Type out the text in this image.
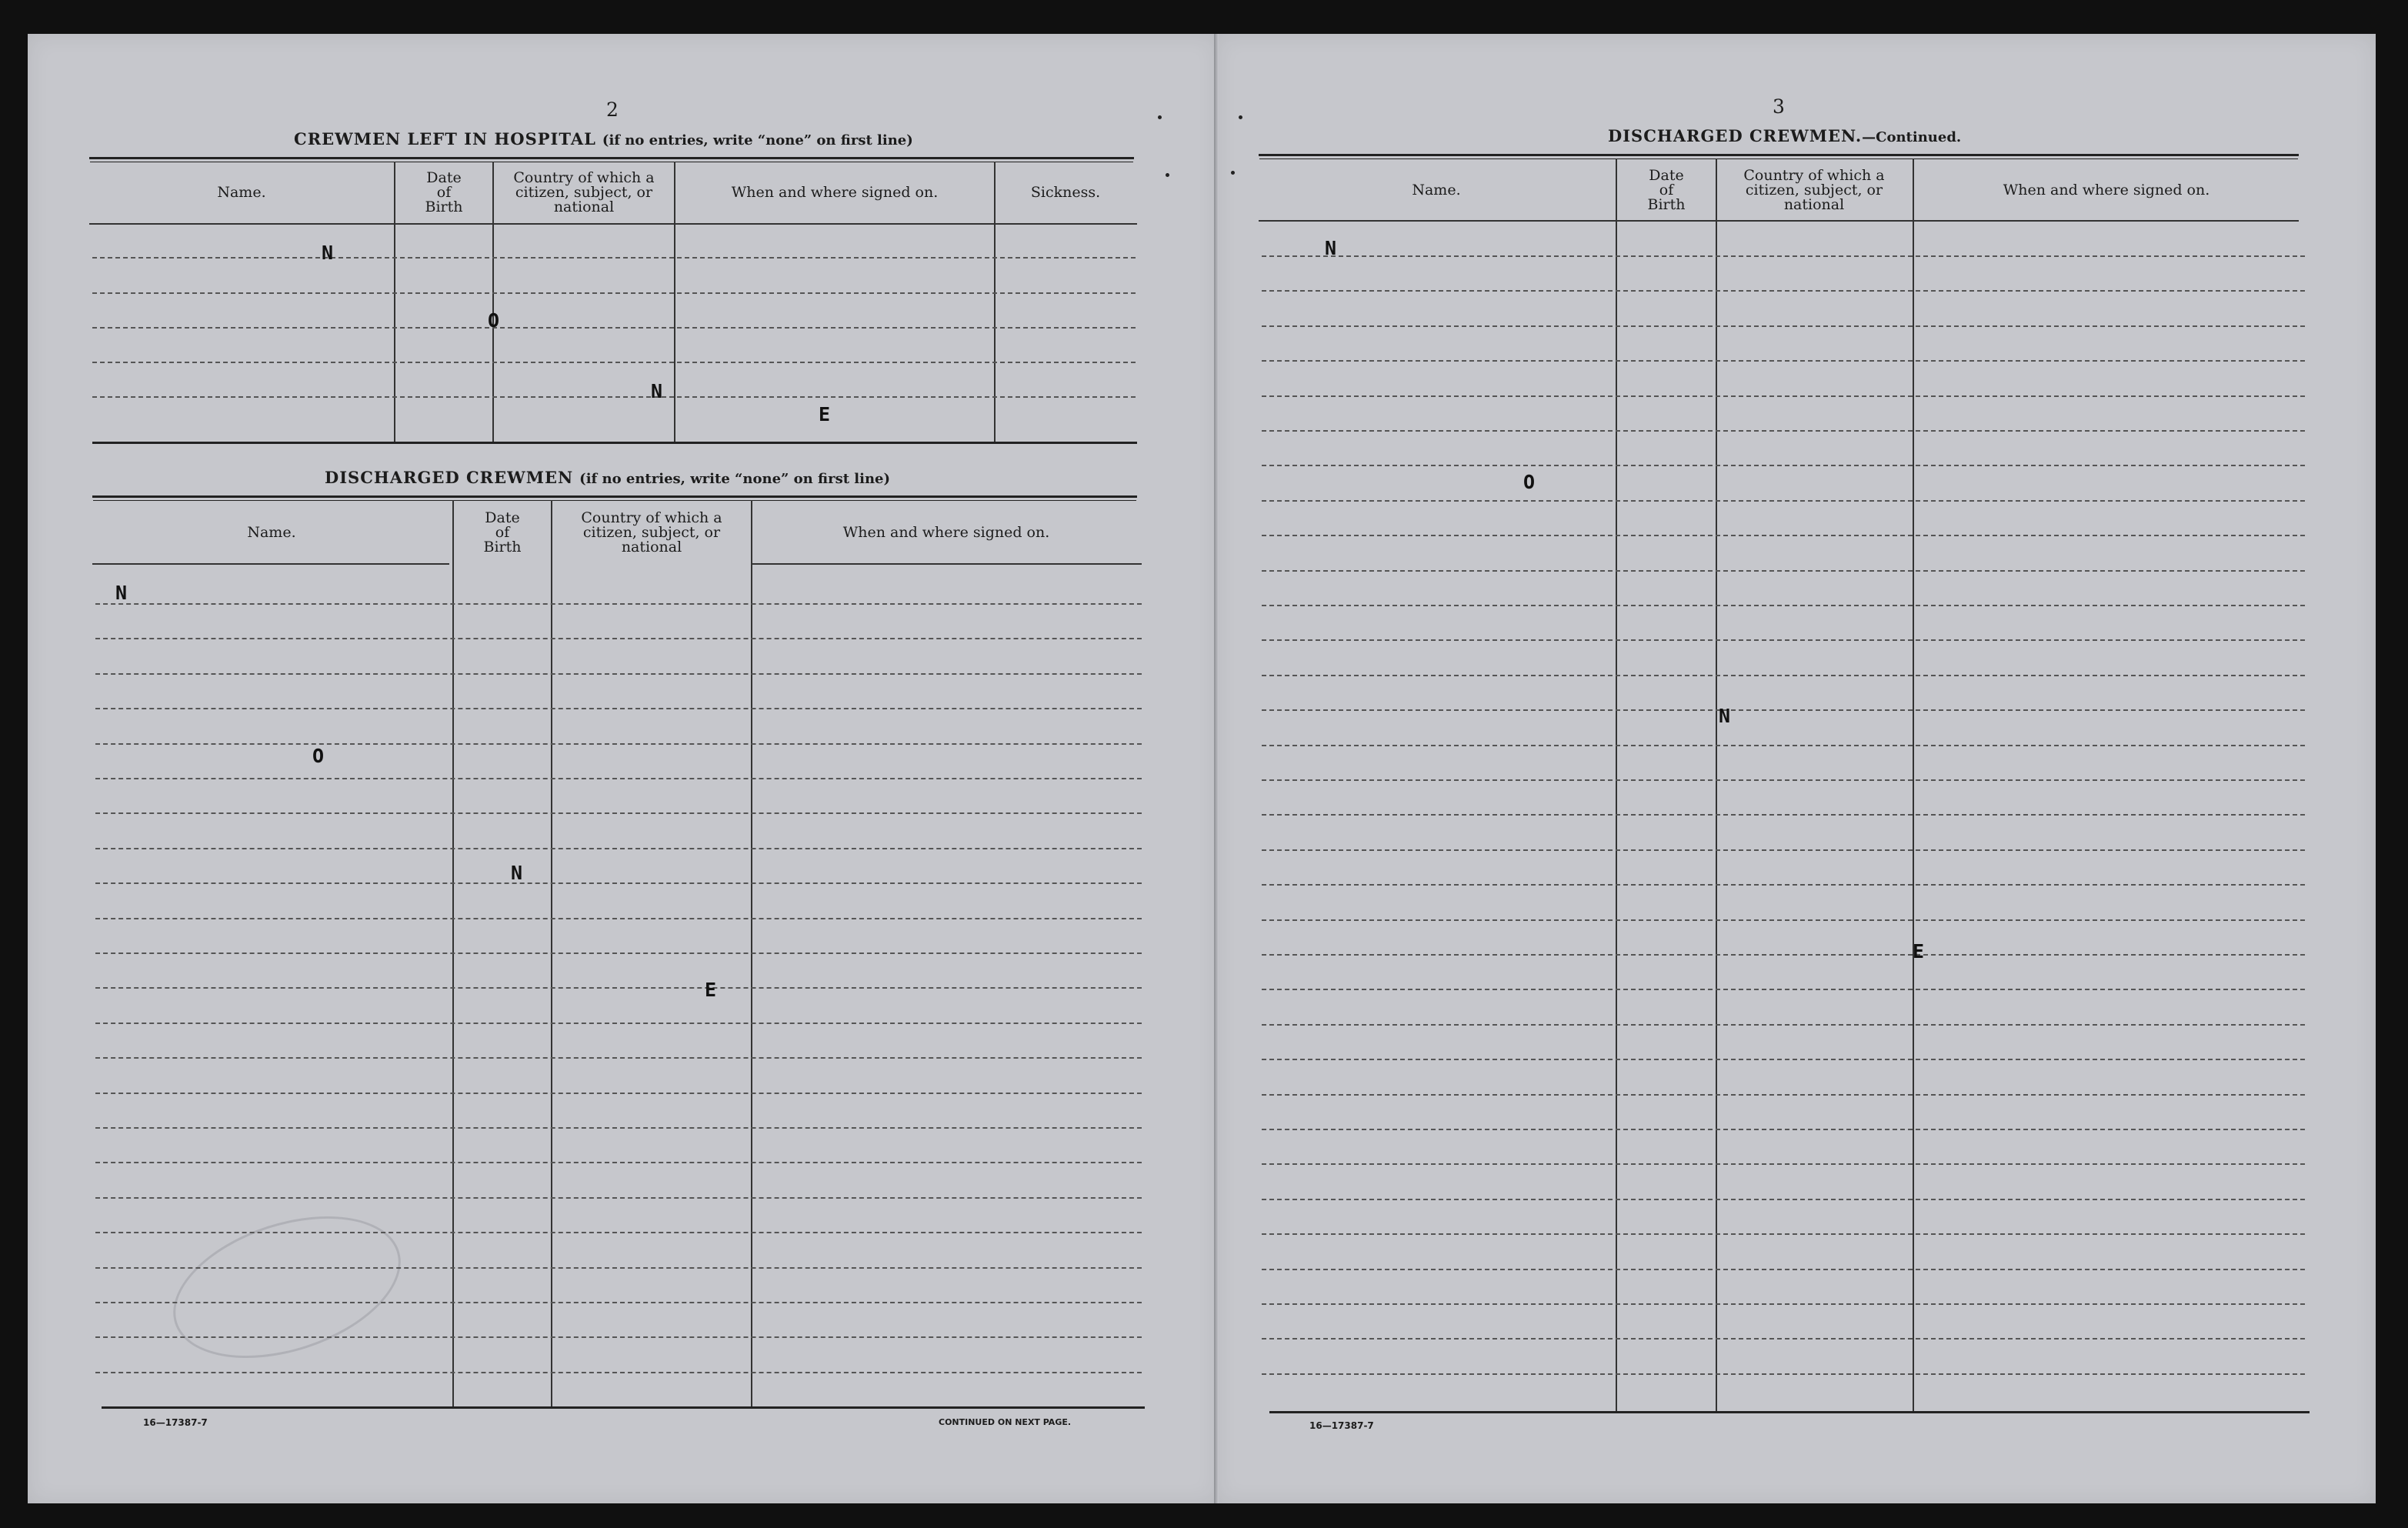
2
CREWMEN LEFT IN HOSPITAL (if no entries, write “none” on first line)
Name.
Date
of
Birth
Country of which a
citizen, subject, or
national
When and where signed on.	Sickness.
N
O
N
E
DISCHARGED CREWMEN (if no entries, write “none” on first line)
Name.
Date
of
Birth
Country of which a
citizen, subject, or
national
When and where signed on.
N
O
N
E
16—17387-7	CONTINUED ON NEXT PAGE.
3
DISCHARGED CREWMEN.—Continued.
Name.
Date
of
Birth
Country of which a
citizen, subject, or
national
When and where signed on.
N
O
N
E
16—17387-7
